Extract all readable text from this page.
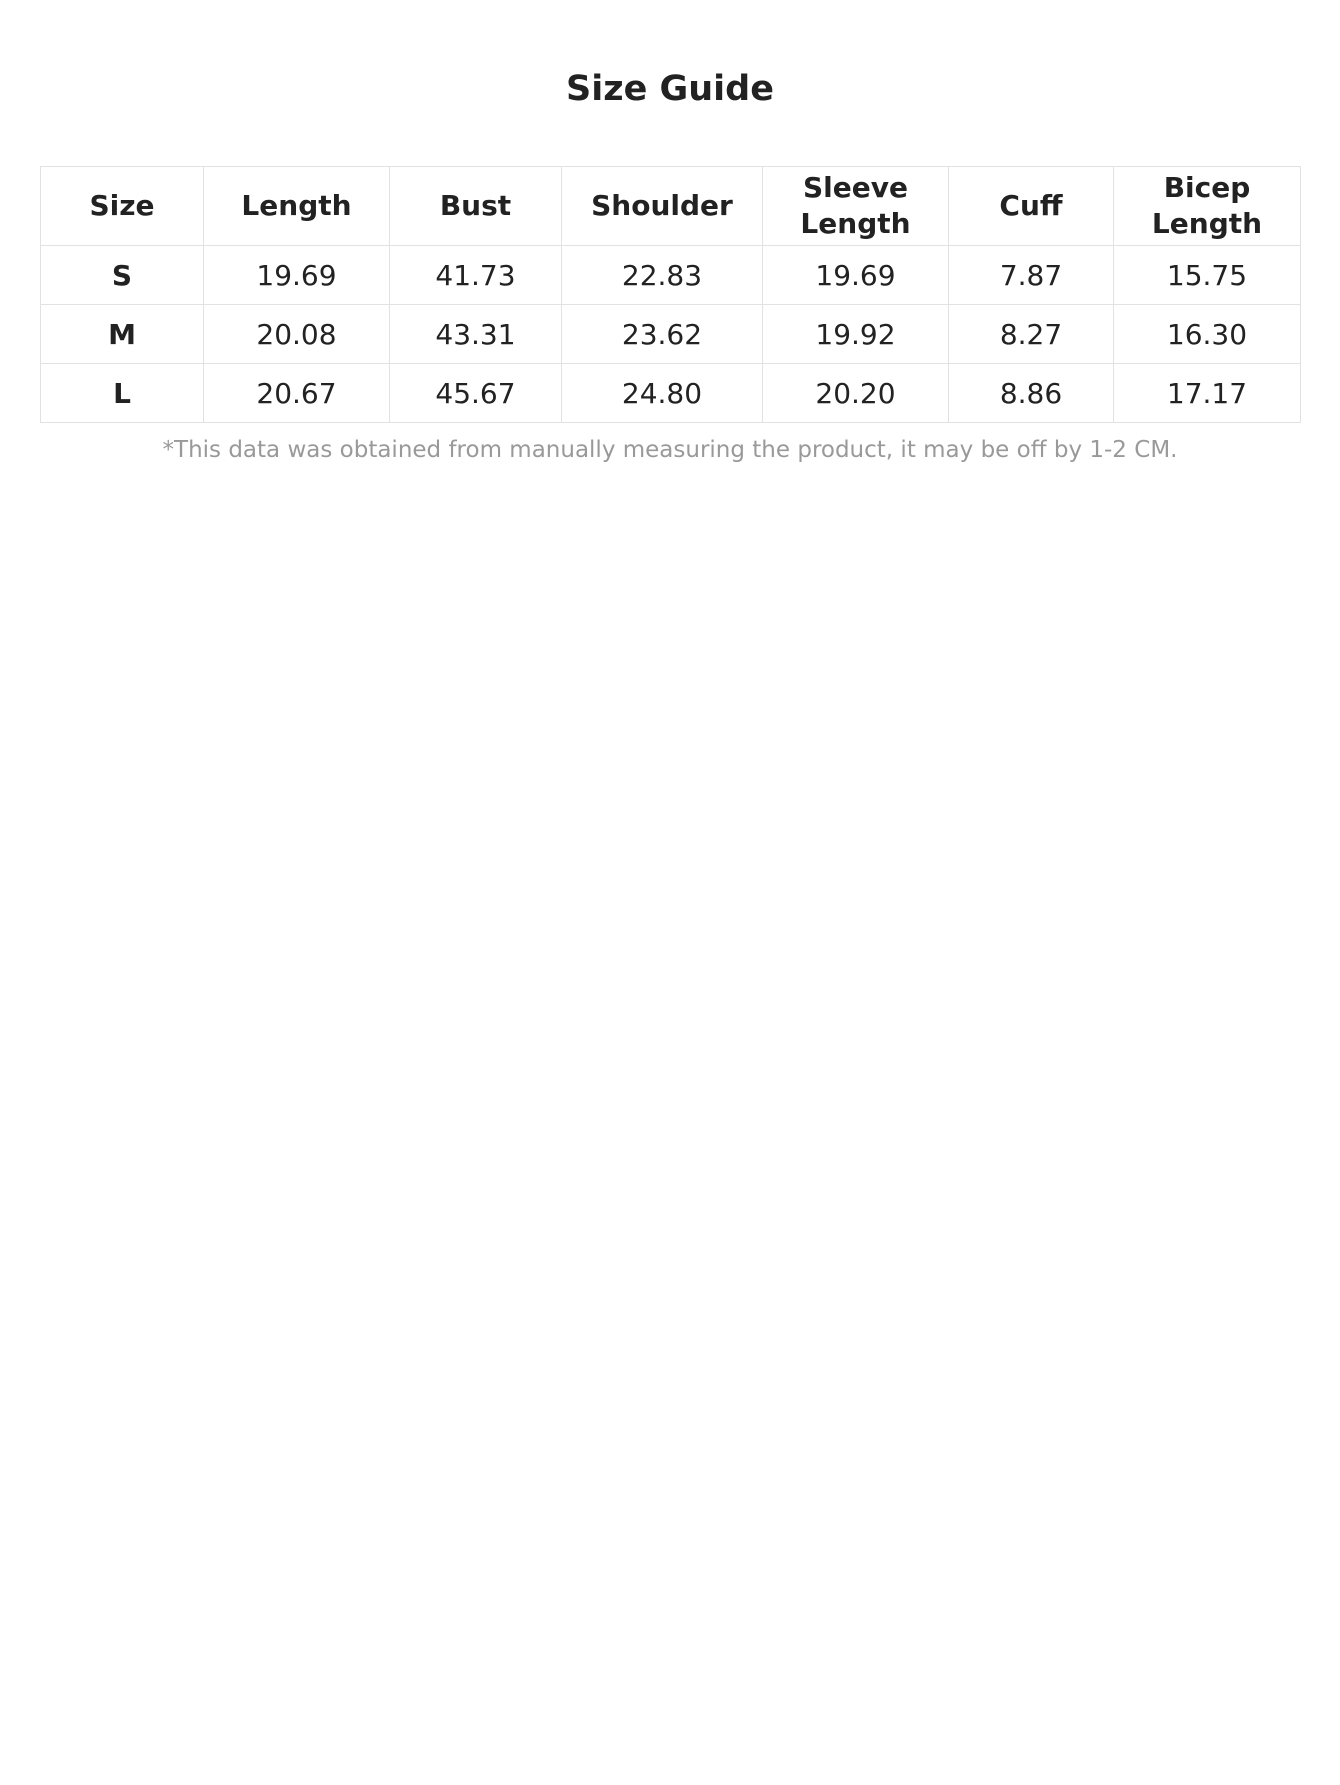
Size Guide
Size	Length	Bust	Shoulder	Sleeve Length	Cuff	Bicep Length
S	19.69	41.73	22.83	19.69	7.87	15.75
M	20.08	43.31	23.62	19.92	8.27	16.30
L	20.67	45.67	24.80	20.20	8.86	17.17

*This data was obtained from manually measuring the product, it may be off by 1-2 CM.
